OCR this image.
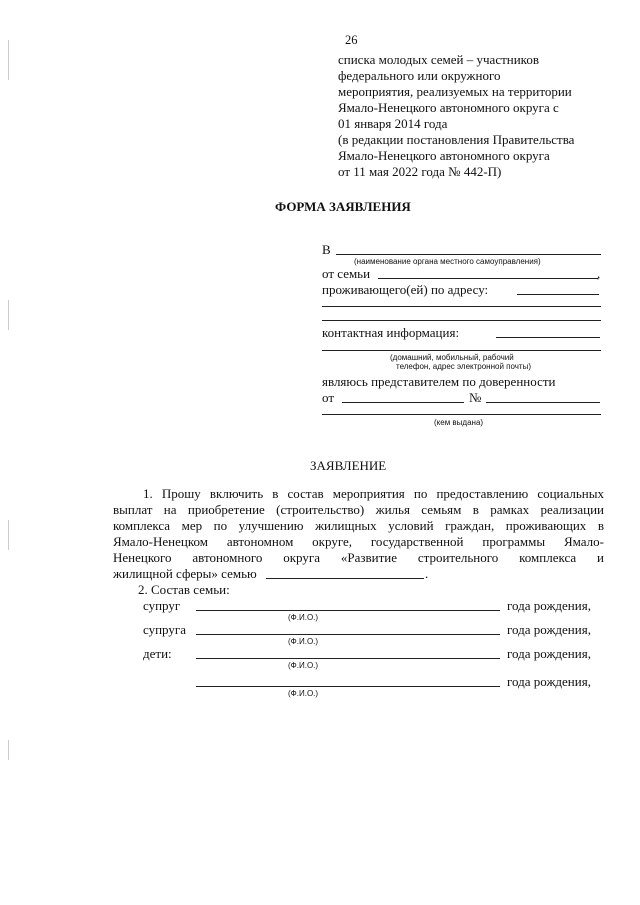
26
списка молодых семей – участников
федерального или окружного
мероприятия, реализуемых на территории
Ямало-Ненецкого автономного округа с
01 января 2014 года
(в редакции постановления Правительства
Ямало-Ненецкого автономного округа
от 11 мая 2022 года № 442-П)
ФОРМА ЗАЯВЛЕНИЯ
В
(наименование органа местного самоуправления)
от семьи	,
проживающего(ей) по адресу:
контактная информация:
(домашний, мобильный, рабочий
телефон, адрес электронной почты)
являюсь представителем по доверенности
от	№
(кем выдана)
ЗАЯВЛЕНИЕ
1. Прошу включить в состав мероприятия по предоставлению социальных
выплат на приобретение (строительство) жилья семьям в рамках реализации
комплекса мер по улучшению жилищных условий граждан, проживающих в
Ямало-Ненецком автономном округе, государственной программы Ямало-
Ненецкого автономного округа «Развитие строительного комплекса и
жилищной сферы» семью	.
2. Состав семьи:
супруг	года рождения,
(Ф.И.О.)
супруга	года рождения,
(Ф.И.О.)
дети:	года рождения,
(Ф.И.О.)
года рождения,
(Ф.И.О.)
